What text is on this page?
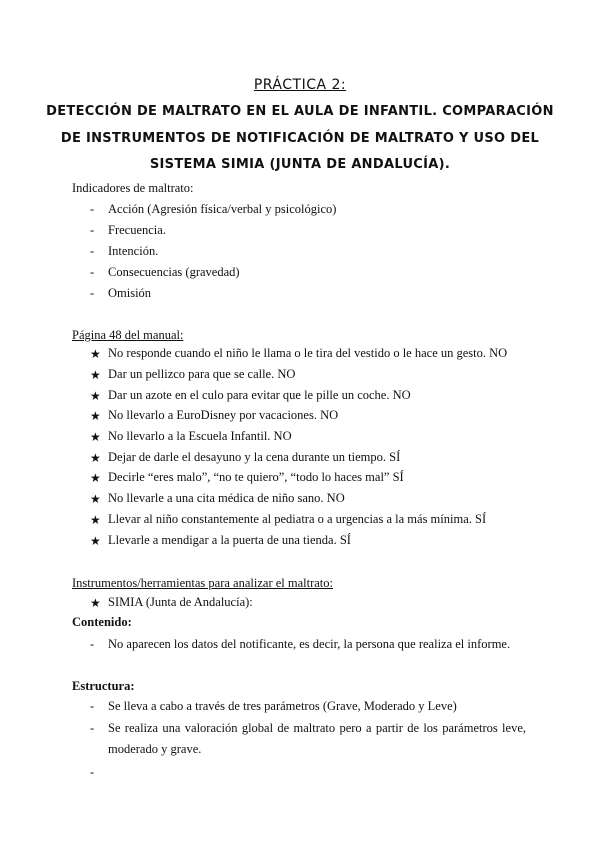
PRÁCTICA 2:
DETECCIÓN DE MALTRATO EN EL AULA DE INFANTIL. COMPARACIÓN
DE INSTRUMENTOS DE NOTIFICACIÓN DE MALTRATO Y USO DEL
SISTEMA SIMIA (JUNTA DE ANDALUCÍA).
Indicadores de maltrato:
- Acción (Agresión física/verbal y psicológico)
- Frecuencia.
- Intención.
- Consecuencias (gravedad)
- Omisión
Página 48 del manual:
★ No responde cuando el niño le llama o le tira del vestido o le hace un gesto. NO
★ Dar un pellizco para que se calle. NO
★ Dar un azote en el culo para evitar que le pille un coche. NO
★ No llevarlo a EuroDisney por vacaciones. NO
★ No llevarlo a la Escuela Infantil. NO
★ Dejar de darle el desayuno y la cena durante un tiempo. SÍ
★ Decirle “eres malo”, “no te quiero”, “todo lo haces mal” SÍ
★ No llevarle a una cita médica de niño sano. NO
★ Llevar al niño constantemente al pediatra o a urgencias a la más mínima. SÍ
★ Llevarle a mendigar a la puerta de una tienda. SÍ
Instrumentos/herramientas para analizar el maltrato:
★ SIMIA (Junta de Andalucía):
Contenido:
- No aparecen los datos del notificante, es decir, la persona que realiza el informe.
Estructura:
- Se lleva a cabo a través de tres parámetros (Grave, Moderado y Leve)
- Se realiza una valoración global de maltrato pero a partir de los parámetros leve,
moderado y grave.
-
